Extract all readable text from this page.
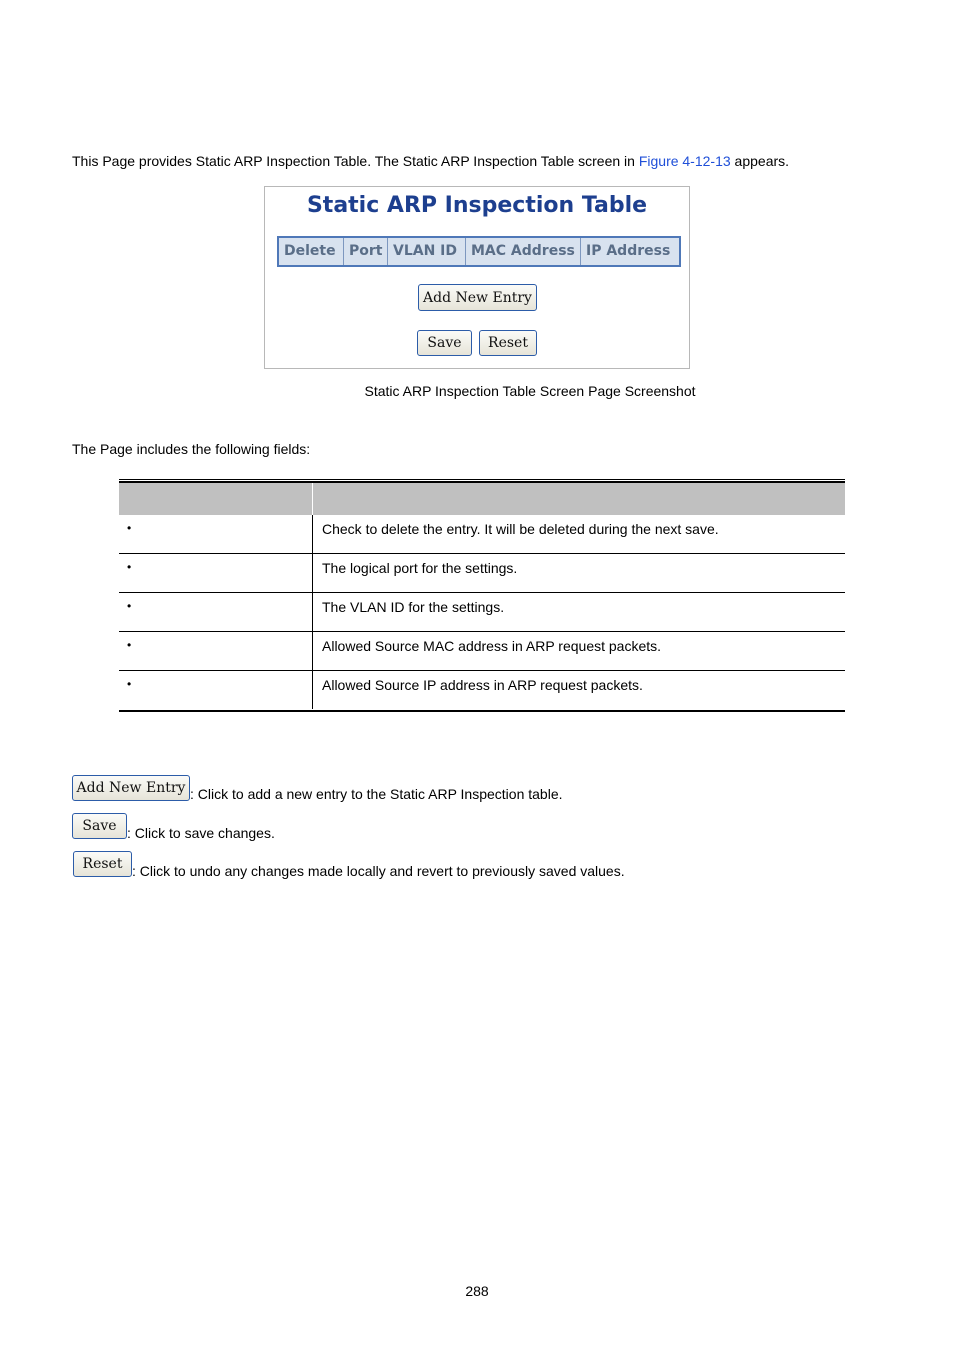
This Page provides Static ARP Inspection Table. The Static ARP Inspection Table screen in Figure 4-12-13 appears.
Static ARP Inspection Table
Delete Port VLAN ID MAC Address IP Address
Add New Entry
Save	Reset
Static ARP Inspection Table Screen Page Screenshot
The Page includes the following fields:
•	Check to delete the entry. It will be deleted during the next save.
•	The logical port for the settings.
•	The VLAN ID for the settings.
•	Allowed Source MAC address in ARP request packets.
•	Allowed Source IP address in ARP request packets.
Add New Entry : Click to add a new entry to the Static ARP Inspection table.
Save : Click to save changes.
Reset : Click to undo any changes made locally and revert to previously saved values.
288
